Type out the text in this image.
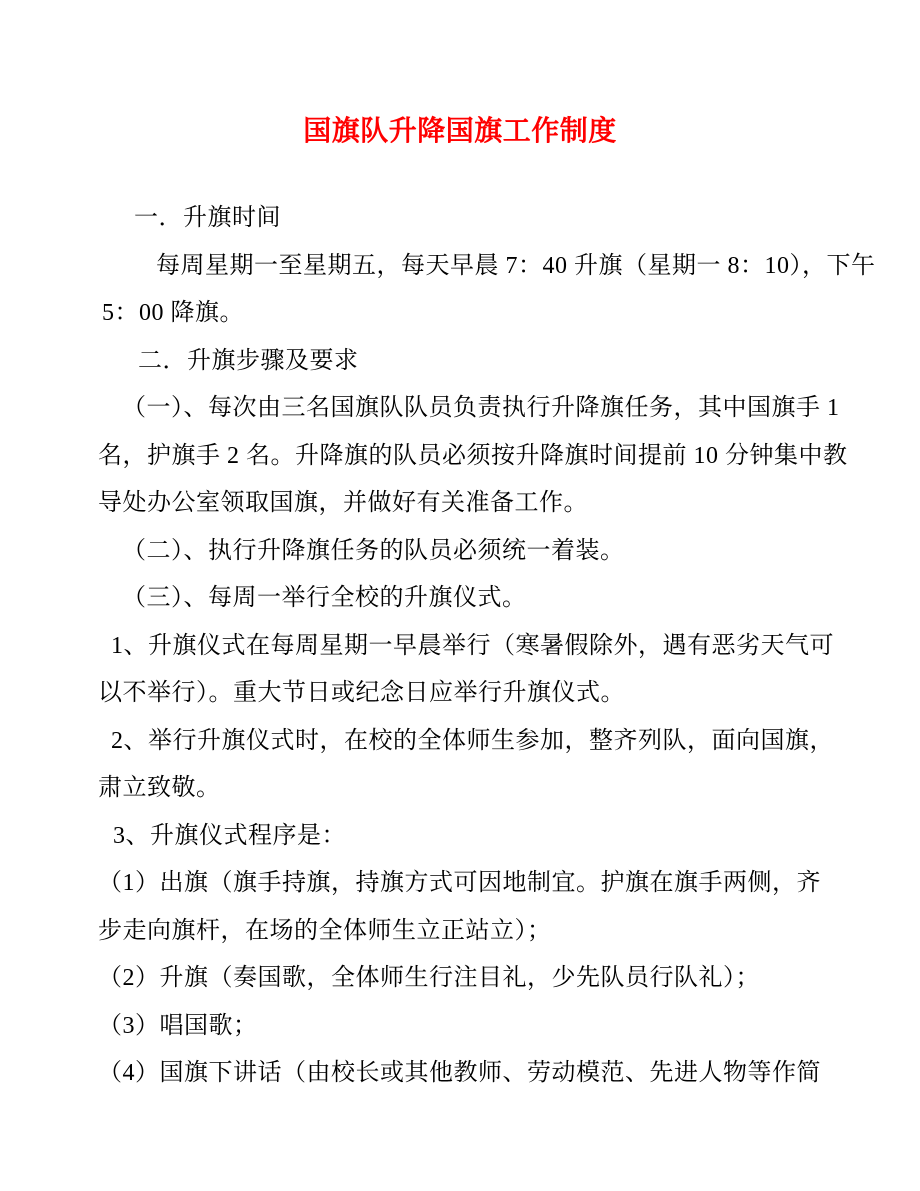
国旗队升降国旗工作制度
一．升旗时间
每周星期一至星期五，每天早晨 7：40 升旗（星期一 8：10），下午
5：00 降旗。
二．升旗步骤及要求
（一）、每次由三名国旗队队员负责执行升降旗任务，其中国旗手 1
名，护旗手 2 名。升降旗的队员必须按升降旗时间提前 10 分钟集中教
导处办公室领取国旗，并做好有关准备工作。
（二）、执行升降旗任务的队员必须统一着装。
（三）、每周一举行全校的升旗仪式。
1、升旗仪式在每周星期一早晨举行（寒暑假除外，遇有恶劣天气可
以不举行）。重大节日或纪念日应举行升旗仪式。
2、举行升旗仪式时，在校的全体师生参加，整齐列队，面向国旗，
肃立致敬。
3、升旗仪式程序是：
（1）出旗（旗手持旗，持旗方式可因地制宜。护旗在旗手两侧，齐
步走向旗杆，在场的全体师生立正站立）；
（2）升旗（奏国歌，全体师生行注目礼，少先队员行队礼）；
（3）唱国歌；
（4）国旗下讲话（由校长或其他教师、劳动模范、先进人物等作简
